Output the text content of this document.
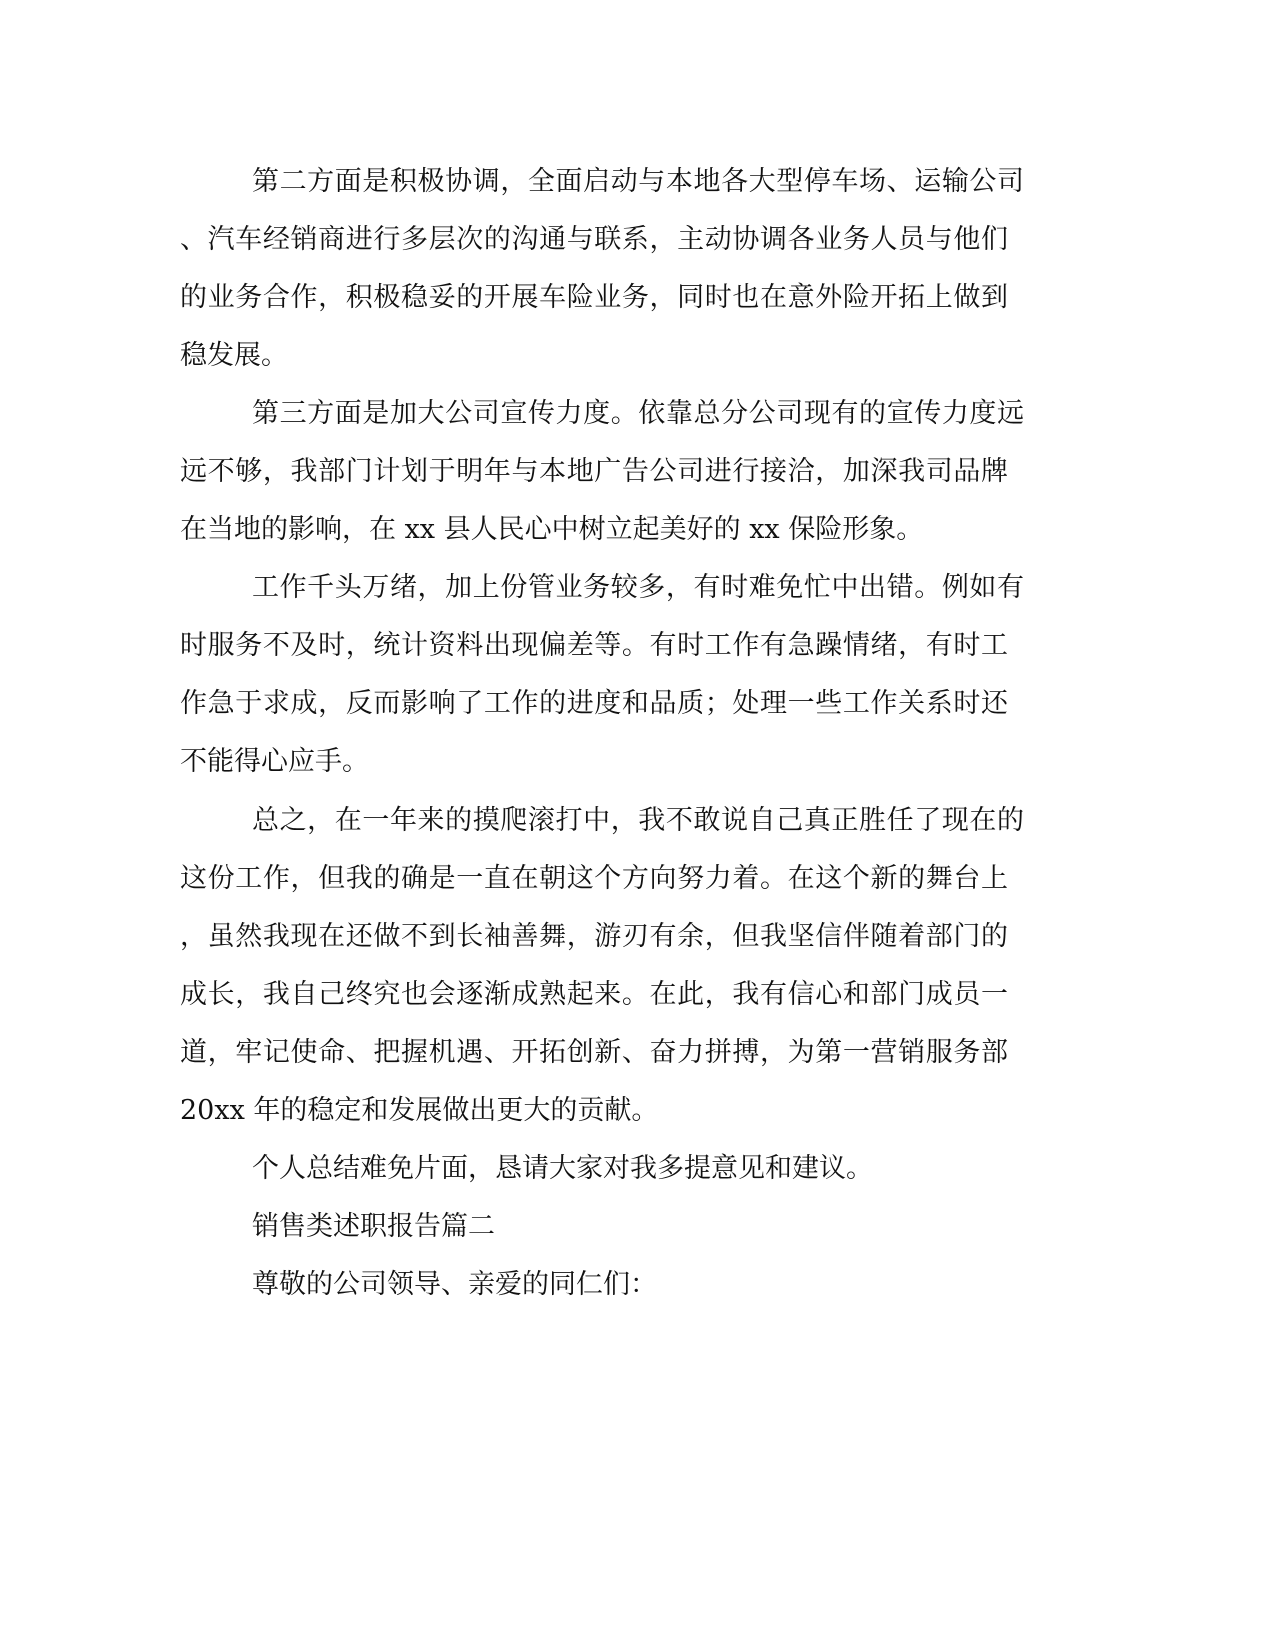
第二方面是积极协调，全面启动与本地各大型停车场、运输公司

、汽车经销商进行多层次的沟通与联系，主动协调各业务人员与他们

的业务合作，积极稳妥的开展车险业务，同时也在意外险开拓上做到

稳发展。

第三方面是加大公司宣传力度。依靠总分公司现有的宣传力度远

远不够，我部门计划于明年与本地广告公司进行接洽，加深我司品牌

在当地的影响，在 xx 县人民心中树立起美好的 xx 保险形象。

工作千头万绪，加上份管业务较多，有时难免忙中出错。例如有

时服务不及时，统计资料出现偏差等。有时工作有急躁情绪，有时工

作急于求成，反而影响了工作的进度和品质；处理一些工作关系时还

不能得心应手。

总之，在一年来的摸爬滚打中，我不敢说自己真正胜任了现在的

这份工作，但我的确是一直在朝这个方向努力着。在这个新的舞台上

，虽然我现在还做不到长袖善舞，游刃有余，但我坚信伴随着部门的

成长，我自己终究也会逐渐成熟起来。在此，我有信心和部门成员一

道，牢记使命、把握机遇、开拓创新、奋力拼搏，为第一营销服务部

20xx 年的稳定和发展做出更大的贡献。

个人总结难免片面，恳请大家对我多提意见和建议。

销售类述职报告篇二

尊敬的公司领导、亲爱的同仁们：
